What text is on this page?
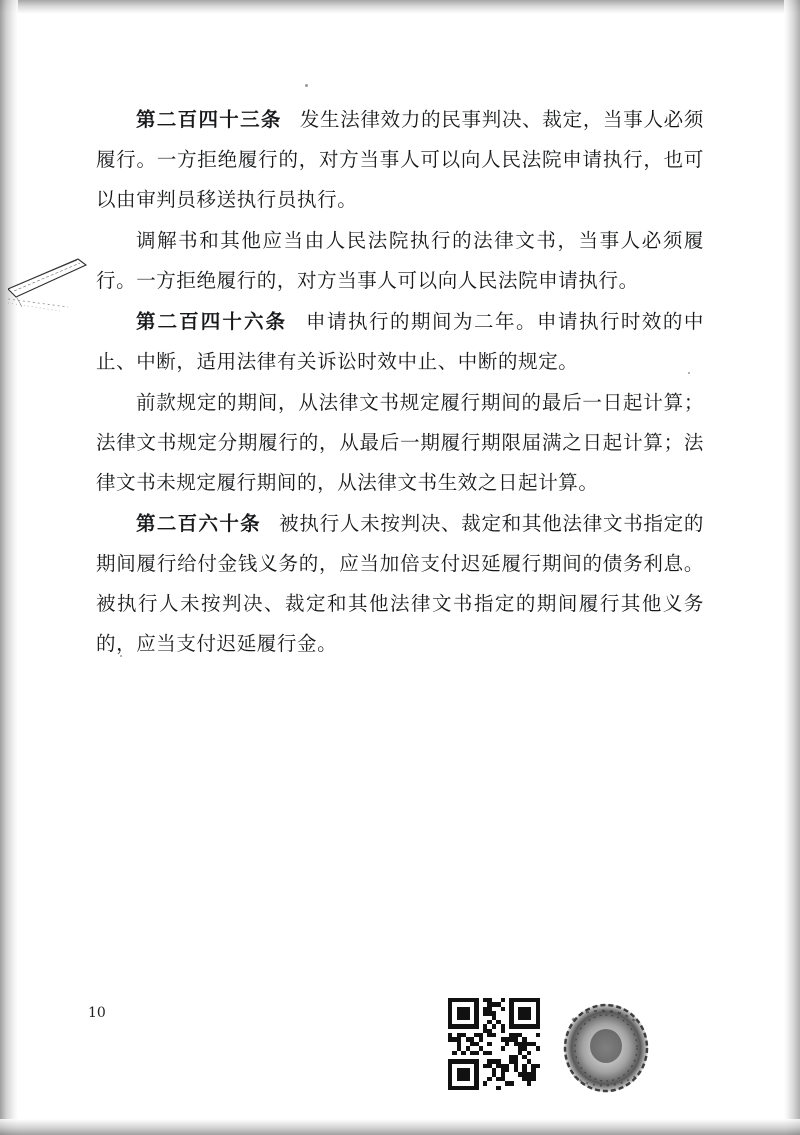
第二百四十三条 发生法律效力的民事判决、裁定，当事人必须履行。一方拒绝履行的，对方当事人可以向人民法院申请执行，也可以由审判员移送执行员执行。

调解书和其他应当由人民法院执行的法律文书，当事人必须履行。一方拒绝履行的，对方当事人可以向人民法院申请执行。

第二百四十六条 申请执行的期间为二年。申请执行时效的中止、中断，适用法律有关诉讼时效中止、中断的规定。

前款规定的期间，从法律文书规定履行期间的最后一日起计算；法律文书规定分期履行的，从最后一期履行期限届满之日起计算；法律文书未规定履行期间的，从法律文书生效之日起计算。

第二百六十条 被执行人未按判决、裁定和其他法律文书指定的期间履行给付金钱义务的，应当加倍支付迟延履行期间的债务利息。被执行人未按判决、裁定和其他法律文书指定的期间履行其他义务的，应当支付迟延履行金。

10
